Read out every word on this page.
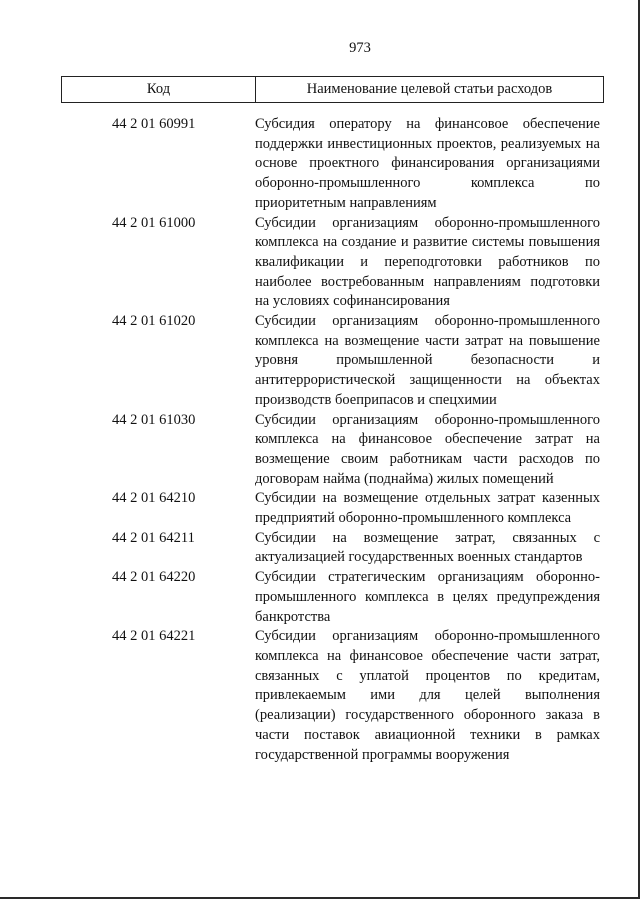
973
Код	Наименование целевой статьи расходов
44 2 01 60991	Субсидия оператору на финансовое обеспечение поддержки инвестиционных проектов, реализуемых на основе проектного финансирования организациями оборонно-промышленного комплекса по приоритетным направлениям
44 2 01 61000	Субсидии организациям оборонно-промышленного комплекса на создание и развитие системы повышения квалификации и переподготовки работников по наиболее востребованным направлениям подготовки на условиях софинансирования
44 2 01 61020	Субсидии организациям оборонно-промышленного комплекса на возмещение части затрат на повышение уровня промышленной безопасности и антитеррористической защищенности на объектах производств боеприпасов и спецхимии
44 2 01 61030	Субсидии организациям оборонно-промышленного комплекса на финансовое обеспечение затрат на возмещение своим работникам части расходов по договорам найма (поднайма) жилых помещений
44 2 01 64210	Субсидии на возмещение отдельных затрат казенных предприятий оборонно-промышленного комплекса
44 2 01 64211	Субсидии на возмещение затрат, связанных с актуализацией государственных военных стандартов
44 2 01 64220	Субсидии стратегическим организациям оборонно-промышленного комплекса в целях предупреждения банкротства
44 2 01 64221	Субсидии организациям оборонно-промышленного комплекса на финансовое обеспечение части затрат, связанных с уплатой процентов по кредитам, привлекаемым ими для целей выполнения (реализации) государственного оборонного заказа в части поставок авиационной техники в рамках государственной программы вооружения
